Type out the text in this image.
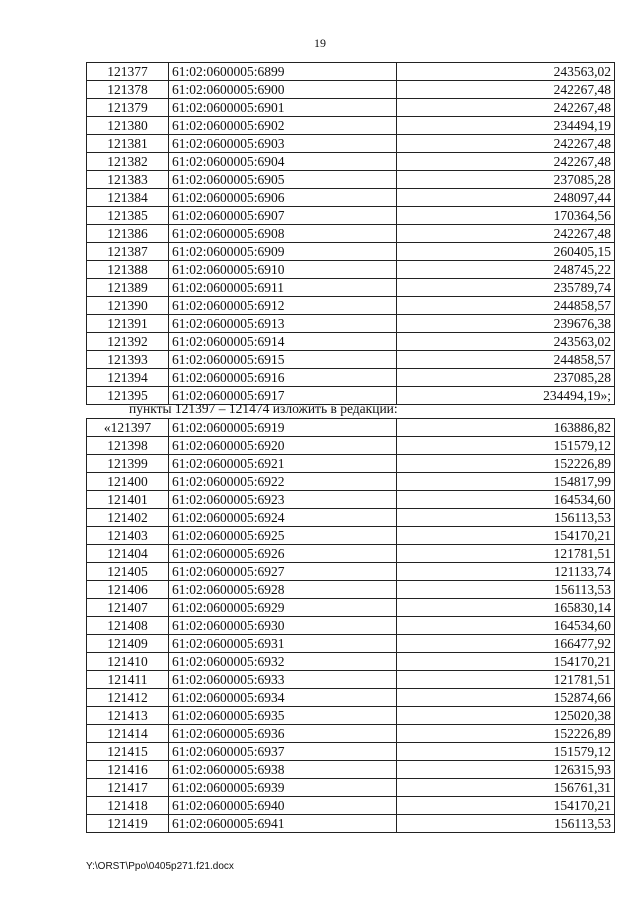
19
121377	61:02:0600005:6899	243563,02
121378	61:02:0600005:6900	242267,48
121379	61:02:0600005:6901	242267,48
121380	61:02:0600005:6902	234494,19
121381	61:02:0600005:6903	242267,48
121382	61:02:0600005:6904	242267,48
121383	61:02:0600005:6905	237085,28
121384	61:02:0600005:6906	248097,44
121385	61:02:0600005:6907	170364,56
121386	61:02:0600005:6908	242267,48
121387	61:02:0600005:6909	260405,15
121388	61:02:0600005:6910	248745,22
121389	61:02:0600005:6911	235789,74
121390	61:02:0600005:6912	244858,57
121391	61:02:0600005:6913	239676,38
121392	61:02:0600005:6914	243563,02
121393	61:02:0600005:6915	244858,57
121394	61:02:0600005:6916	237085,28
121395	61:02:0600005:6917	234494,19»;
пункты 121397 – 121474 изложить в редакции:
«121397	61:02:0600005:6919	163886,82
121398	61:02:0600005:6920	151579,12
121399	61:02:0600005:6921	152226,89
121400	61:02:0600005:6922	154817,99
121401	61:02:0600005:6923	164534,60
121402	61:02:0600005:6924	156113,53
121403	61:02:0600005:6925	154170,21
121404	61:02:0600005:6926	121781,51
121405	61:02:0600005:6927	121133,74
121406	61:02:0600005:6928	156113,53
121407	61:02:0600005:6929	165830,14
121408	61:02:0600005:6930	164534,60
121409	61:02:0600005:6931	166477,92
121410	61:02:0600005:6932	154170,21
121411	61:02:0600005:6933	121781,51
121412	61:02:0600005:6934	152874,66
121413	61:02:0600005:6935	125020,38
121414	61:02:0600005:6936	152226,89
121415	61:02:0600005:6937	151579,12
121416	61:02:0600005:6938	126315,93
121417	61:02:0600005:6939	156761,31
121418	61:02:0600005:6940	154170,21
121419	61:02:0600005:6941	156113,53
Y:\ORST\Ppo\0405p271.f21.docx
